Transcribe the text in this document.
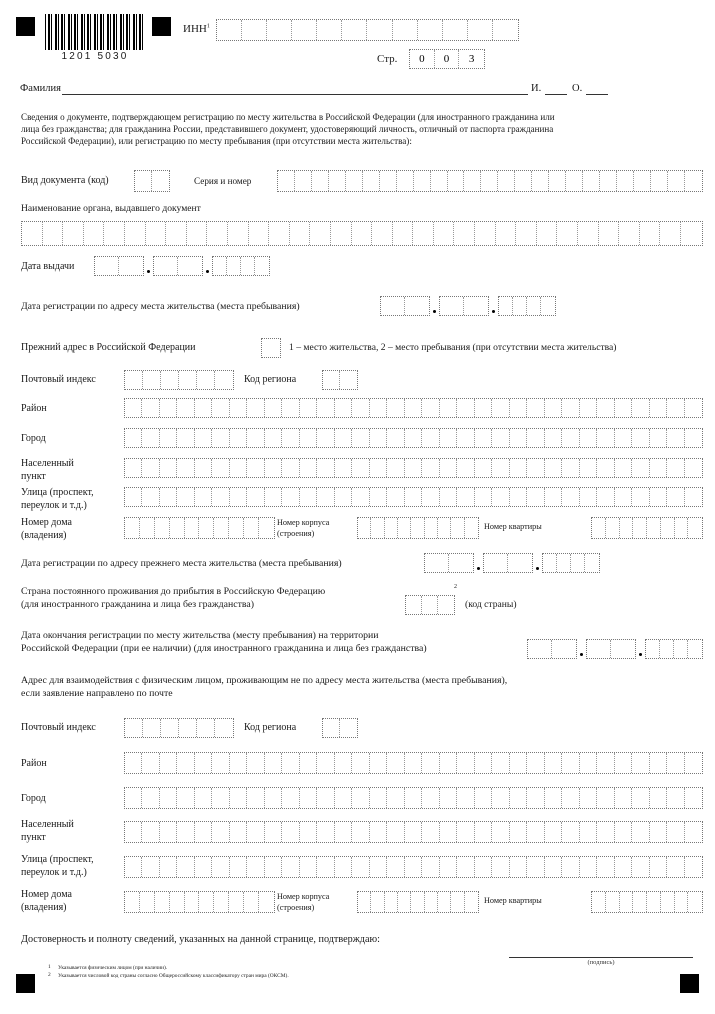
1201 5030
ИНН$^1$
Стр.	0	0	3
Фамилия	И.	О.
Сведения о документе, подтверждающем регистрацию по месту жительства в Российской Федерации (для иностранного гражданина или
лица без гражданства; для гражданина России, представившего документ, удостоверяющий личность, отличный от паспорта гражданина
Российской Федерации), или регистрацию по месту пребывания (при отсутствии места жительства):
Вид документа (код)	Серия и номер
Наименование органа, выдавшего документ
Дата выдачи
Дата регистрации по адресу места жительства (места пребывания)
Прежний адрес в Российской Федерации	1 – место жительства, 2 – место пребывания (при отсутствии места жительства)
Почтовый индекс	Код региона
Район
Город
Населенный
пункт
Улица (проспект,
переулок и т.д.)
Номер дома
(владения)
Номер корпуса
(строения)
Номер квартиры
Дата регистрации по адресу прежнего места жительства (места пребывания)
Страна постоянного проживания до прибытия в Российскую Федерацию
(для иностранного гражданина и лица без гражданства)
$^2$
(код страны)
Дата окончания регистрации по месту жительства (месту пребывания) на территории
Российской Федерации (при ее наличии) (для иностранного гражданина и лица без гражданства)
Адрес для взаимодействия с физическим лицом, проживающим не по адресу места жительства (места пребывания),
если заявление направлено по почте
Почтовый индекс	Код региона
Район
Город
Населенный
пункт
Улица (проспект,
переулок и т.д.)
Номер дома
(владения)
Номер корпуса
(строения)
Номер квартиры
Достоверность и полноту сведений, указанных на данной странице, подтверждаю:
(подпись)
1 Указывается физическим лицом (при наличии).
2 Указывается числовой код страны согласно Общероссийскому классификатору стран мира (ОКСМ).
